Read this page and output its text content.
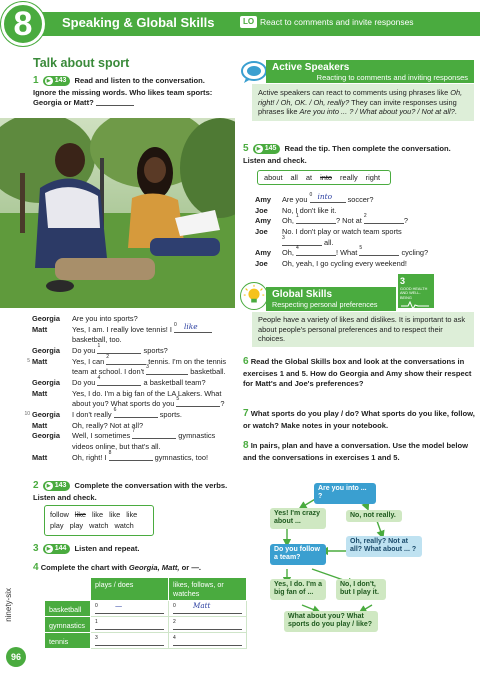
8	Speaking & Global Skills	LO React to comments and invite responses
Talk about sport
1 ▶ 143 Read and listen to the conversation. Ignore the missing words. Who likes team sports: Georgia or Matt?
Georgia	Are you into sports?
Matt	Yes, I am. I really love tennis! I 0 like
basketball, too.
Georgia	Do you 1	sports?
5 Matt	Yes, I can 2	tennis. I'm on the tennis
team at school. I don't 3	basketball.
Georgia	Do you 4	a basketball team?
Matt	Yes, I do. I'm a big fan of the LA Lakers. What
about you? What sports do you 5	?
10 Georgia	I don't really 6	sports.
Matt	Oh, really? Not at all?
Georgia	Well, I sometimes 7	gymnastics
videos online, but that's all.
Matt	Oh, right! I 8	gymnastics, too!
2 ▶ 143 Complete the conversation with the verbs. Listen and check.
follow like like like like
play play watch watch
3 ▶ 144 Listen and repeat.
4 Complete the chart with Georgia, Matt, or —.
	plays / does	likes, follows, or watches
basketball	0 —	0 Matt

gymnastics	1	2

tennis	3	4
ninety-six
96
Active Speakers
Reacting to comments and inviting responses
Active speakers can react to comments using phrases like Oh, right! / Oh, OK. / Oh, really? They can invite responses using phrases like Are you into ... ? / What about you? / Not at all?.
5 ▶ 145 Read the tip. Then complete the conversation. Listen and check.
about all at into really right
Amy	Are you 0 into soccer?
Joe	No, I don't like it.
Amy	Oh, 1	? Not at 2	?
Joe	No. I don't play or watch team sports
3	all.
Amy	Oh, 4	! What 5	cycling?
Joe	Oh, yeah, I go cycling every weekend!
3
GOOD HEALTH AND WELL-BEING
Global Skills
Respecting personal preferences
People have a variety of likes and dislikes. It is important to ask about people's personal preferences and to respect their choices.
6 Read the Global Skills box and look at the conversations in exercises 1 and 5. How do Georgia and Amy show their respect for Matt's and Joe's preferences?
7 What sports do you play / do? What sports do you like, follow, or watch? Make notes in your notebook.
8 In pairs, plan and have a conversation. Use the model below and the conversations in exercises 1 and 5.
Are you into ... ?
Yes! I'm crazy about ...
No, not really.
Oh, really? Not at all? What about ... ?
Do you follow a team?
Yes, I do. I'm a big fan of ...
No, I don't, but I play it.
What about you? What sports do you play / like?
